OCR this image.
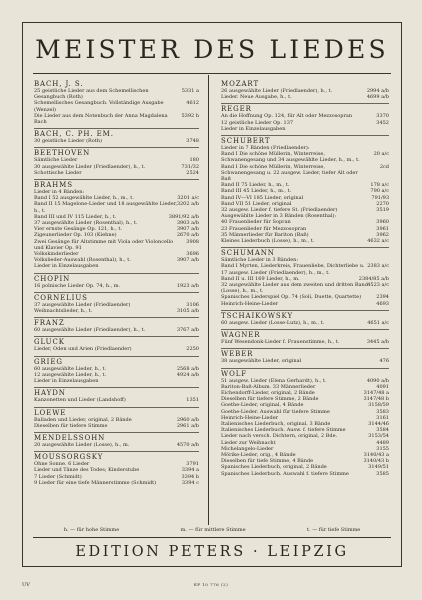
MEISTER DES LIEDES
BACH, J. S.
25 geistliche Lieder aus dem Schemellischen Gesangbuch (Roth)
5331 a
Schemellisches Gesangbuch. Vollständige Ausgabe (Wenzel)
4612
Die Lieder aus dem Notenbuch der Anna Magdalena Bach
5392 h
BACH, C. PH. EM.
30 geistliche Lieder (Roth)	3748
BEETHOVEN
Sämtliche Lieder	180
30 ausgewählte Lieder (Friedlaender), h., t.	731/32
Schottische Lieder	2524
BRAHMS
Lieder in 4 Bänden:
Band I 52 ausgewählte Lieder, h., m., t.	3201 a/c
Band II 15 Magelone-Lieder und 18 ausgewählte Lieder, h., t.
3202 a/b
Band III und IV 115 Lieder, h., t.	3891/92 a/b
37 ausgewählte Lieder (Rosenthal), h., t.	3903 a/b
Vier ernste Gesänge Op. 121, h., t.	3907 a/b
Zigeunerlieder Op. 103 (Kiehne)	2670 a/b
Zwei Gesänge für Altstimme mit Viola oder Violoncello und Klavier Op. 91
3908
Volkskinderlieder	3696
Volkslieder-Auswahl (Rosenthal), h., t.	3907 a/b
Lieder in Einzelausgaben
CHOPIN
16 polnische Lieder Op. 74, h., m.	1923 a/b
CORNELIUS
37 ausgewählte Lieder (Friedlaender)	3106
Weihnachtslieder, h., t.	3105 a/b
FRANZ
60 ausgewählte Lieder (Friedlaender), h., t.	3767 a/b
GLUCK
Lieder, Oden und Arien (Friedlaender)	2250
GRIEG
60 ausgewählte Lieder, h., t.	2568 a/b
12 ausgewählte Lieder, h., t.	4924 a/b
Lieder in Einzelausgaben
HAYDN
Kanzonetten und Lieder (Landshoff)	1351
LOEWE
Balladen und Lieder, original, 2 Bände	2960 a/b
Dieselben für tiefere Stimme	2961 a/b
MENDELSSOHN
20 ausgewählte Lieder (Losse), h., m.	4570 a/b
MOUSSORGSKY
Ohne Sonne. 6 Lieder	3791
Lieder und Tänze des Todes; Kinderstube	3394 a
7 Lieder (Schmidt)	3394 b
9 Lieder für eine tiefe Männerstimme (Schmidt)	3394 c
MOZART
26 ausgewählte Lieder (Friedlaender), h., t.	2994 a/b
Lieder. Neue Ausgabe, h., t.	4699 a/b
REGER
An die Hoffnung Op. 124, für Alt oder Mezzosopran	3370
12 geistliche Lieder Op. 137	3452
Lieder in Einzelausgaben
SCHUBERT
Lieder in 7 Bänden (Friedlaender):
Band I Die schöne Müllerin, Winterreise, Schwanengesang und 34 ausgewählte Lieder, h., m., t.
20 a/c
Band I Die schöne Müllerin, Winterreise, Schwanengesang u. 22 ausgew. Lieder, tiefer Alt oder Baß
2cd
Band II 75 Lieder, h., m., t.	178 a/c
Band III 45 Lieder, h., m., t.	790 a/c
Band IV—VI 185 Lieder, original	791/93
Band VII 51 Lieder, original	2270
32 ausgew. Lieder f. tiefere St. (Friedlaender)	3519
Ausgewählte Lieder in 3 Bänden (Rosenthal):
40 Frauenlieder für Sopran	3960
23 Frauenlieder für Mezzosopran	3961
35 Männerlieder für Bariton (Baß)	3962
Kleines Liederbuch (Losse), h., m., t.	4632 a/c
SCHUMANN
Sämtliche Lieder in 3 Bänden:
Band I Myrten, Liederkreis, Frauenliebe, Dichterliebe u. 17 ausgew. Lieder (Friedlaender), h., m., t.
2383 a/c
Band II u. III 169 Lieder, h., m.	2384/85 a/b
32 ausgewählte Lieder aus dem zweiten und dritten Band (Losse), h., m., t.
4523 a/c
Spanisches Liederspiel Op. 74 (Soli, Duette, Quartette)	2394
Heinrich-Heine-Lieder	4693
TSCHAIKOWSKY
60 ausgew. Lieder (Losse-Lutz), h., m., t.	4651 a/c
WAGNER
Fünf Wesendonk-Lieder f. Frauenstimme, h., t.	3445 a/b
WEBER
38 ausgewählte Lieder, original	476
WOLF
51 ausgew. Lieder (Elena Gerhardt), h., t.	4090 a/b
Bariton-Baß-Album. 33 Männerlieder	4091
Eichendorff-Lieder, original, 2 Bände	3147/48 a
Dieselben für tiefere Stimme, 2 Bände	3147/48 b
Goethe-Lieder, original, 4 Bände	3158/59
Goethe-Lieder. Auswahl für tiefere Stimme	3583
Heinrich-Heine-Lieder	3161
Italienisches Liederbuch, original, 3 Bände	3144/46
Italienisches Liederbuch. Ausw. f. tiefere Stimme	3584
Lieder nach versch. Dichtern, original, 2 Bde.	3153/54
Lieder zur Weihnacht	4489
Michelangelo-Lieder	3155
Mörike-Lieder, orig., 4 Bände	3140/43 a
Dieselben für tiefe Stimme, 4 Bände	3140/43 b
Spanisches Liederbuch, original, 2 Bände	3149/51
Spanisches Liederbuch. Auswahl f. tiefere Stimme	3585
h. — für hohe Stimme	m. — für mittlere Stimme	t. — für tiefe Stimme
EDITION PETERS · LEIPZIG
UV	EP 10 776 (2)
